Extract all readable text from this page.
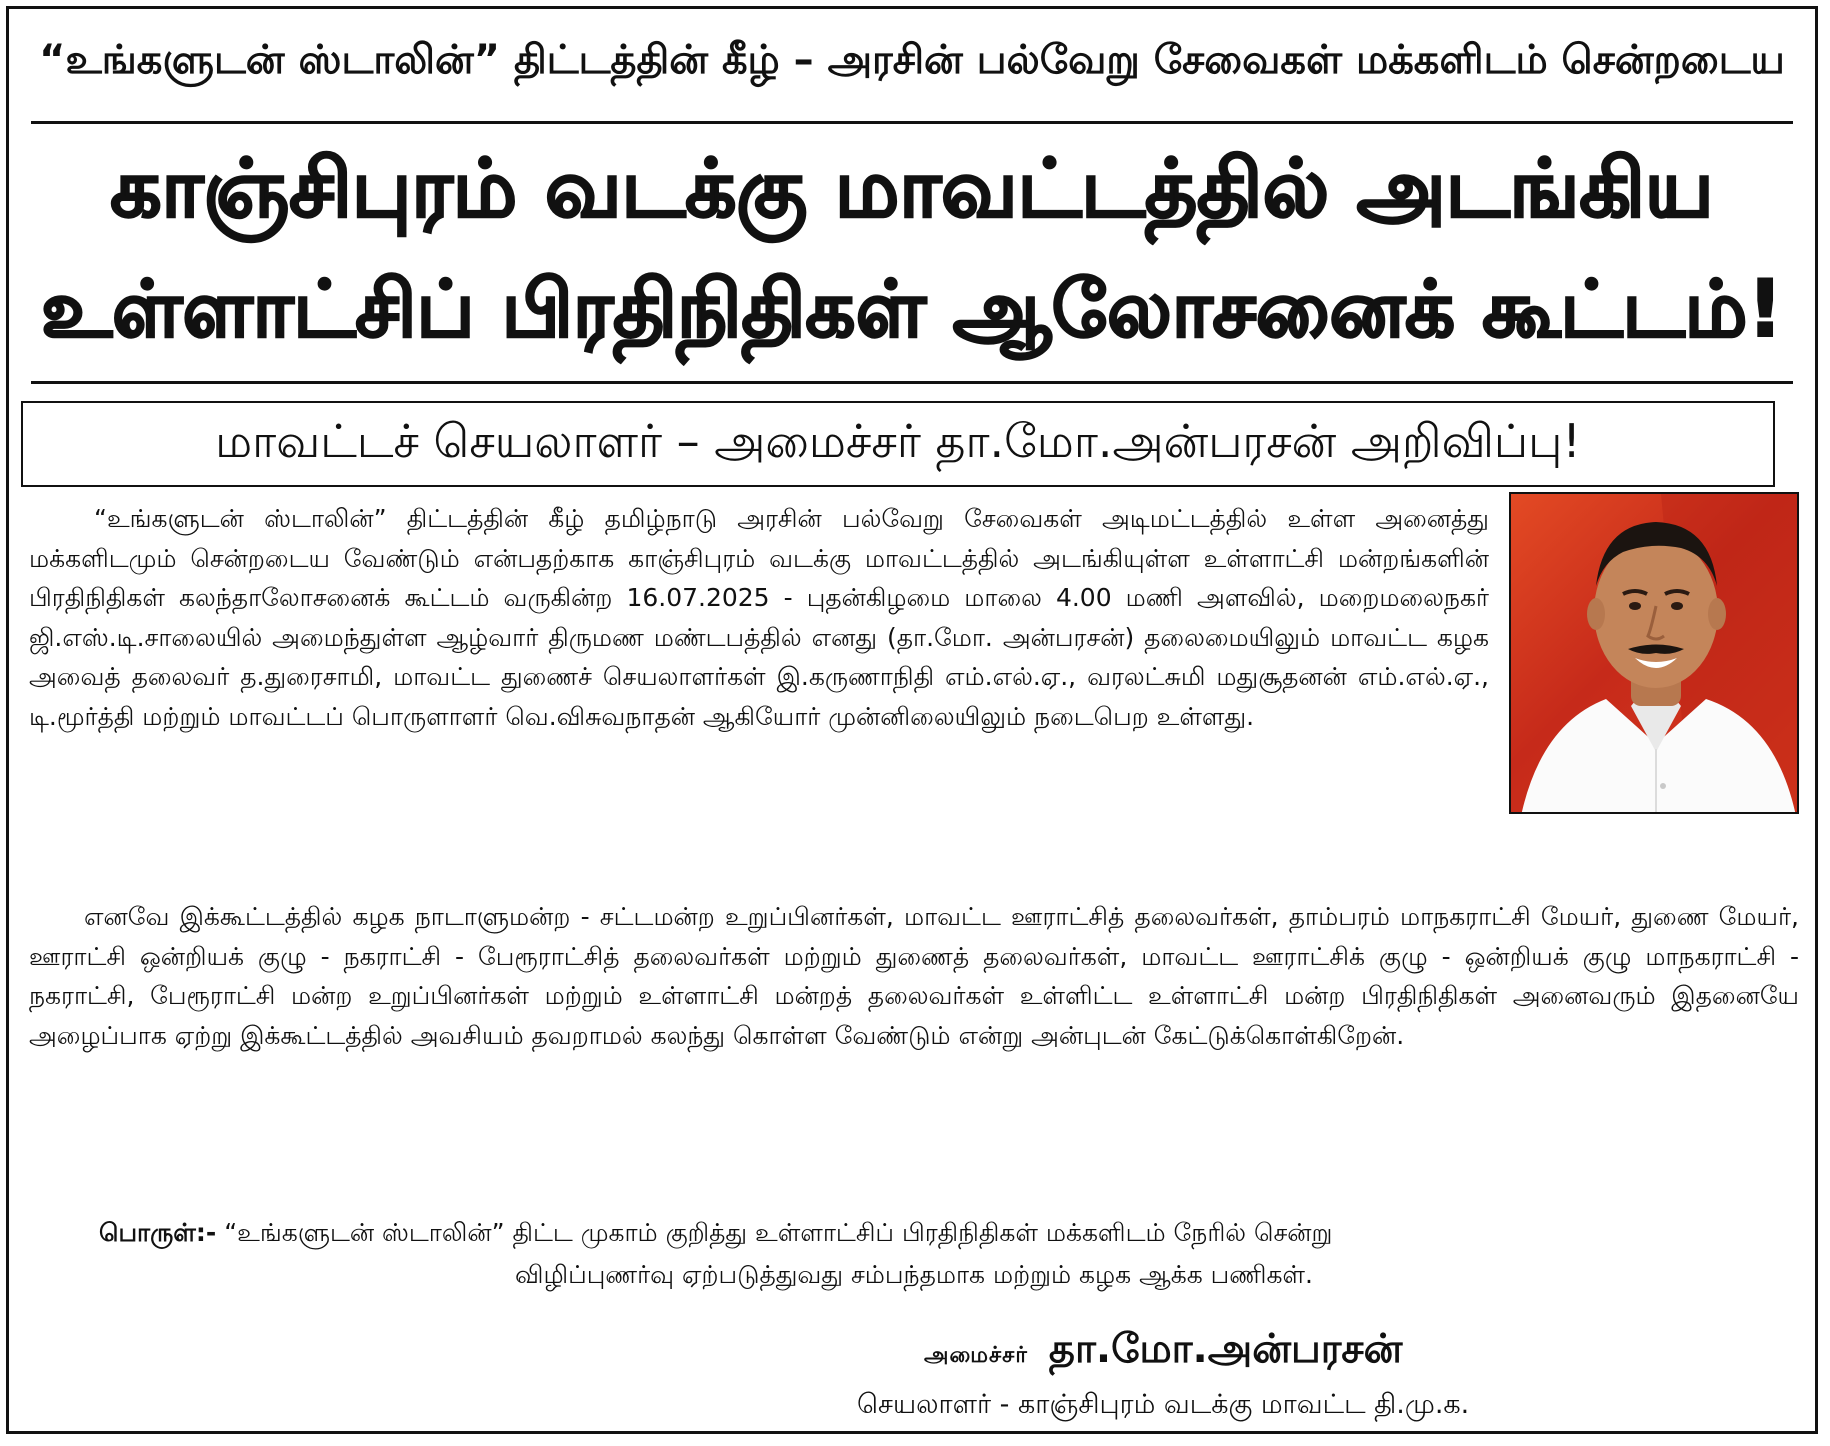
“உங்களுடன் ஸ்டாலின்” திட்டத்தின் கீழ் – அரசின் பல்வேறு சேவைகள் மக்களிடம் சென்றடைய
காஞ்சிபுரம் வடக்கு மாவட்டத்தில் அடங்கிய
உள்ளாட்சிப் பிரதிநிதிகள் ஆலோசனைக் கூட்டம்!
மாவட்டச் செயலாளர் – அமைச்சர் தா.மோ.அன்பரசன் அறிவிப்பு!
“உங்களுடன் ஸ்டாலின்” திட்டத்தின் கீழ் தமிழ்நாடு அரசின் பல்வேறு சேவைகள் அடிமட்டத்தில் உள்ள அனைத்து மக்களிடமும் சென்றடைய வேண்டும் என்பதற்காக காஞ்சிபுரம் வடக்கு மாவட்டத்தில் அடங்கியுள்ள உள்ளாட்சி மன்றங்களின் பிரதிநிதிகள் கலந்தாலோசனைக் கூட்டம் வருகின்ற 16.07.2025 - புதன்கிழமை மாலை 4.00 மணி அளவில், மறைமலைநகர் ஜி.எஸ்.டி.சாலையில் அமைந்துள்ள ஆழ்வார் திருமண மண்டபத்தில் எனது (தா.மோ. அன்பரசன்) தலைமையிலும் மாவட்ட கழக அவைத் தலைவர் த.துரைசாமி, மாவட்ட துணைச் செயலாளர்கள் இ.கருணாநிதி எம்.எல்.ஏ., வரலட்சுமி மதுசூதனன் எம்.எல்.ஏ., டி.மூர்த்தி மற்றும் மாவட்டப் பொருளாளர் வெ.விசுவநாதன் ஆகியோர் முன்னிலையிலும் நடைபெற உள்ளது.
எனவே இக்கூட்டத்தில் கழக நாடாளுமன்ற - சட்டமன்ற உறுப்பினர்கள், மாவட்ட ஊராட்சித் தலைவர்கள், தாம்பரம் மாநகராட்சி மேயர், துணை மேயர், ஊராட்சி ஒன்றியக் குழு - நகராட்சி - பேரூராட்சித் தலைவர்கள் மற்றும் துணைத் தலைவர்கள், மாவட்ட ஊராட்சிக் குழு - ஒன்றியக் குழு மாநகராட்சி - நகராட்சி, பேரூராட்சி மன்ற உறுப்பினர்கள் மற்றும் உள்ளாட்சி மன்றத் தலைவர்கள் உள்ளிட்ட உள்ளாட்சி மன்ற பிரதிநிதிகள் அனைவரும் இதனையே அழைப்பாக ஏற்று இக்கூட்டத்தில் அவசியம் தவறாமல் கலந்து கொள்ள வேண்டும் என்று அன்புடன் கேட்டுக்கொள்கிறேன்.
பொருள்:- “உங்களுடன் ஸ்டாலின்” திட்ட முகாம் குறித்து உள்ளாட்சிப் பிரதிநிதிகள் மக்களிடம் நேரில் சென்று
விழிப்புணர்வு ஏற்படுத்துவது சம்பந்தமாக மற்றும் கழக ஆக்க பணிகள்.
அமைச்சர் தா.மோ.அன்பரசன்
செயலாளர் - காஞ்சிபுரம் வடக்கு மாவட்ட தி.மு.க.
